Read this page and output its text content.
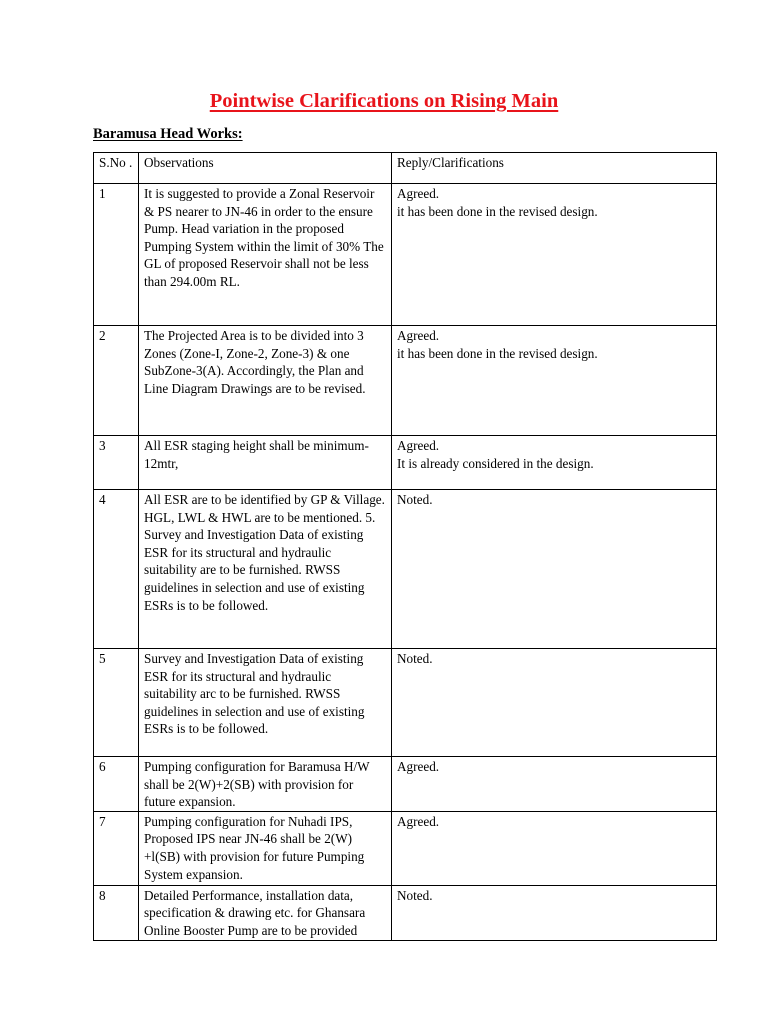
Pointwise Clarifications on Rising Main
Baramusa Head Works:
S.No .	Observations	Reply/Clarifications
1	It is suggested to provide a Zonal Reservoir & PS nearer to JN-46 in order to the ensure Pump. Head variation in the proposed Pumping System within the limit of 30% The GL of proposed Reservoir shall not be less than 294.00m RL.	Agreed.
it has been done in the revised design.

2	The Projected Area is to be divided into 3 Zones (Zone-I, Zone-2, Zone-3) & one SubZone-3(A). Accordingly, the Plan and Line Diagram Drawings are to be revised.	Agreed.
it has been done in the revised design.

3	All ESR staging height shall be minimum-12mtr,	Agreed.
It is already considered in the design.

4	All ESR are to be identified by GP & Village. HGL, LWL & HWL are to be mentioned. 5. Survey and Investigation Data of existing ESR for its structural and hydraulic suitability are to be furnished. RWSS guidelines in selection and use of existing ESRs is to be followed.	Noted.

5	Survey and Investigation Data of existing ESR for its structural and hydraulic suitability arc to be furnished. RWSS guidelines in selection and use of existing ESRs is to be followed.	Noted.

6	Pumping configuration for Baramusa H/W shall be 2(W)+2(SB) with provision for future expansion.	Agreed.

7	Pumping configuration for Nuhadi IPS, Proposed IPS near JN-46 shall be 2(W) +l(SB) with provision for future Pumping System expansion.	Agreed.

8	Detailed Performance, installation data, specification & drawing etc. for Ghansara Online Booster Pump are to be provided	Noted.
